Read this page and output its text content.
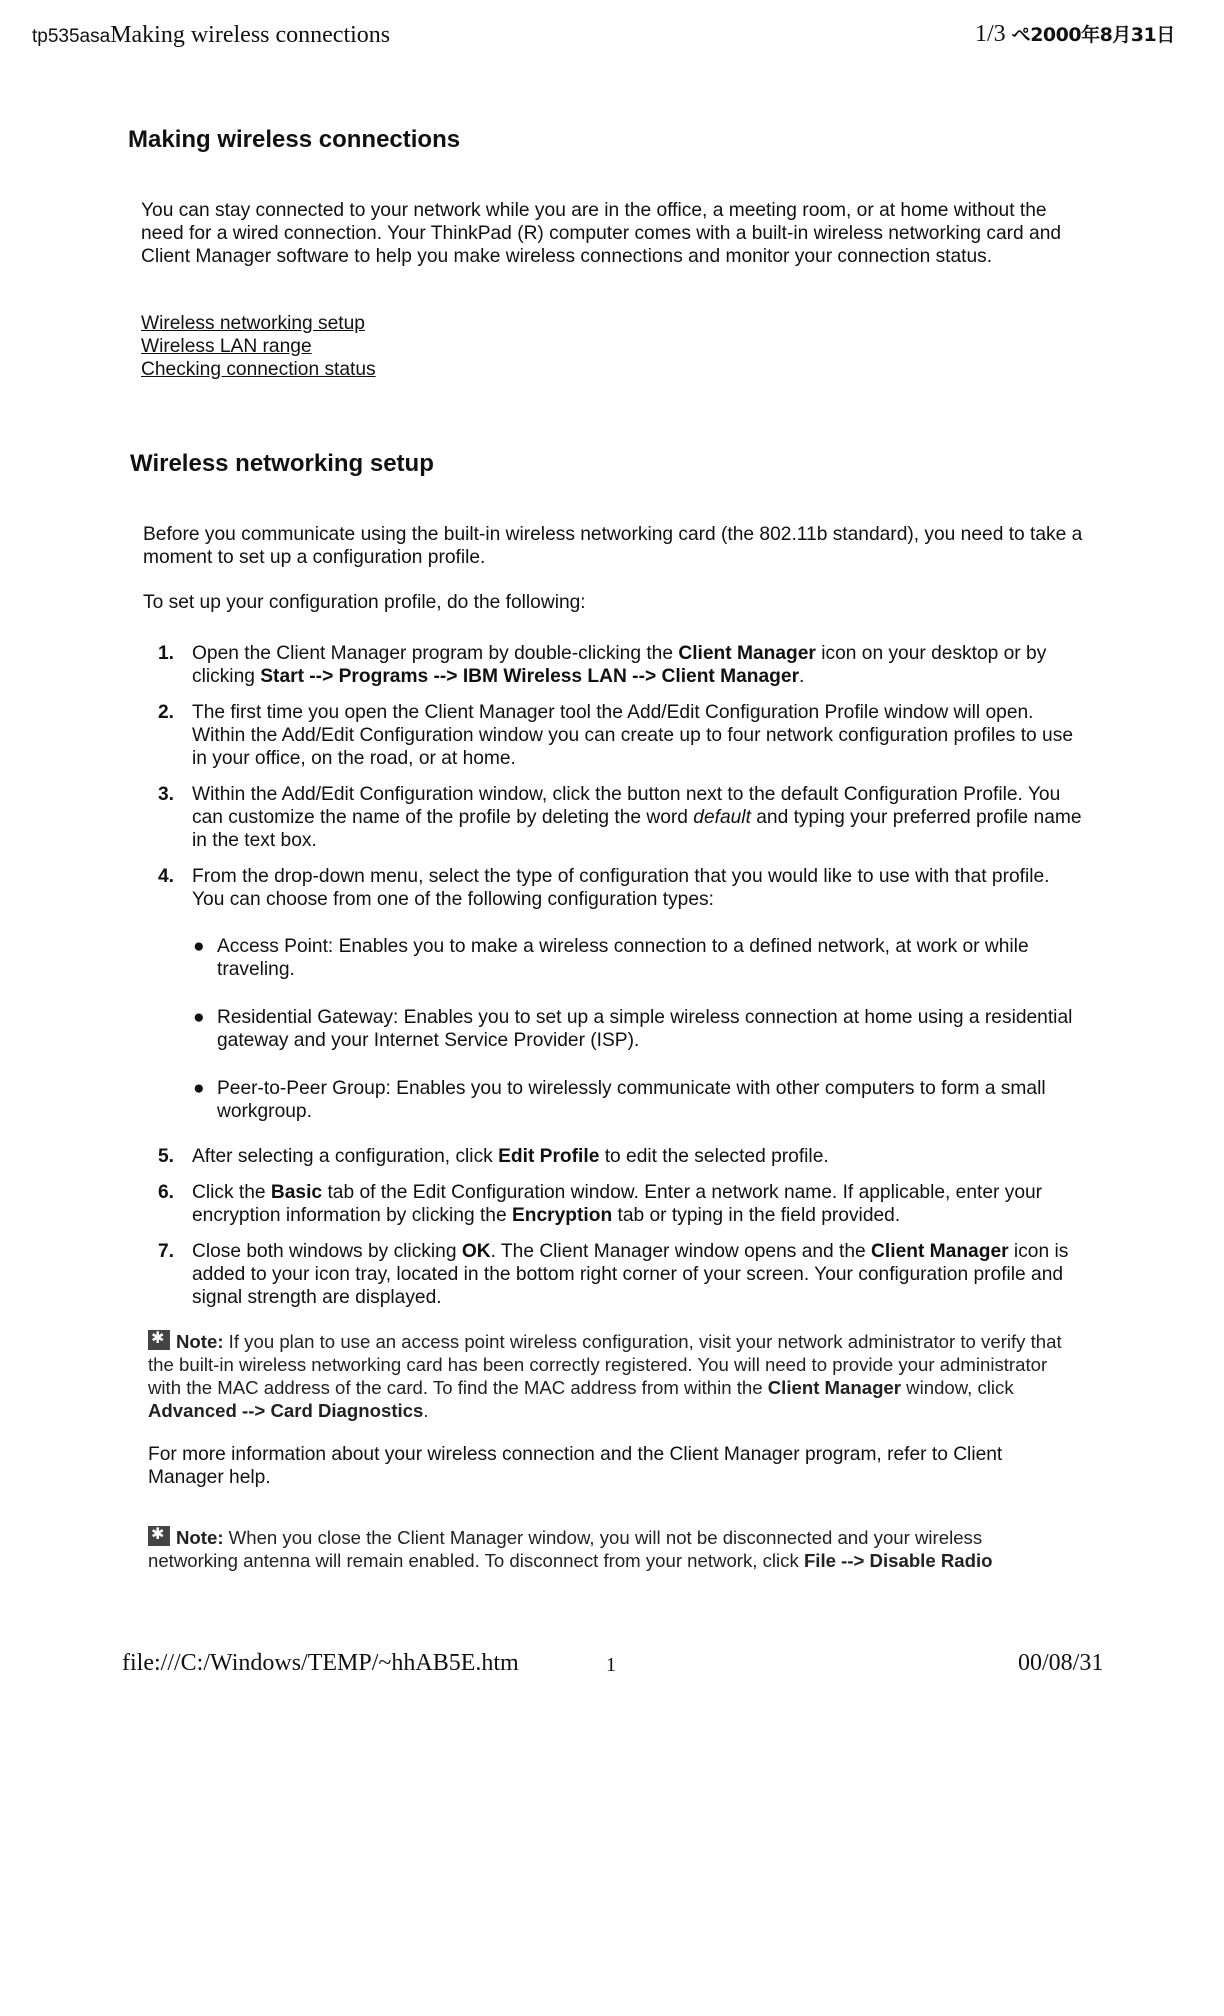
tp535asaMaking wireless connections	1/3 ぺ2000年8月31日
Making wireless connections
You can stay connected to your network while you are in the office, a meeting room, or at home without the need for a wired connection. Your ThinkPad (R) computer comes with a built-in wireless networking card and Client Manager software to help you make wireless connections and monitor your connection status.
Wireless networking setup
Wireless LAN range
Checking connection status
Wireless networking setup
Before you communicate using the built-in wireless networking card (the 802.11b standard), you need to take a moment to set up a configuration profile.
To set up your configuration profile, do the following:
1. Open the Client Manager program by double-clicking the Client Manager icon on your desktop or by clicking Start --> Programs --> IBM Wireless LAN --> Client Manager.
2. The first time you open the Client Manager tool the Add/Edit Configuration Profile window will open. Within the Add/Edit Configuration window you can create up to four network configuration profiles to use in your office, on the road, or at home.
3. Within the Add/Edit Configuration window, click the button next to the default Configuration Profile. You can customize the name of the profile by deleting the word default and typing your preferred profile name in the text box.
4. From the drop-down menu, select the type of configuration that you would like to use with that profile. You can choose from one of the following configuration types:
● Access Point: Enables you to make a wireless connection to a defined network, at work or while traveling.
● Residential Gateway: Enables you to set up a simple wireless connection at home using a residential gateway and your Internet Service Provider (ISP).
● Peer-to-Peer Group: Enables you to wirelessly communicate with other computers to form a small workgroup.
5. After selecting a configuration, click Edit Profile to edit the selected profile.
6. Click the Basic tab of the Edit Configuration window. Enter a network name. If applicable, enter your encryption information by clicking the Encryption tab or typing in the field provided.
7. Close both windows by clicking OK. The Client Manager window opens and the Client Manager icon is added to your icon tray, located in the bottom right corner of your screen. Your configuration profile and signal strength are displayed.
✱Note: If you plan to use an access point wireless configuration, visit your network administrator to verify that the built-in wireless networking card has been correctly registered. You will need to provide your administrator with the MAC address of the card. To find the MAC address from within the Client Manager window, click Advanced --> Card Diagnostics.
For more information about your wireless connection and the Client Manager program, refer to Client Manager help.
✱Note: When you close the Client Manager window, you will not be disconnected and your wireless networking antenna will remain enabled. To disconnect from your network, click File --> Disable Radio
file:///C:/Windows/TEMP/~hhAB5E.htm	1	00/08/31
